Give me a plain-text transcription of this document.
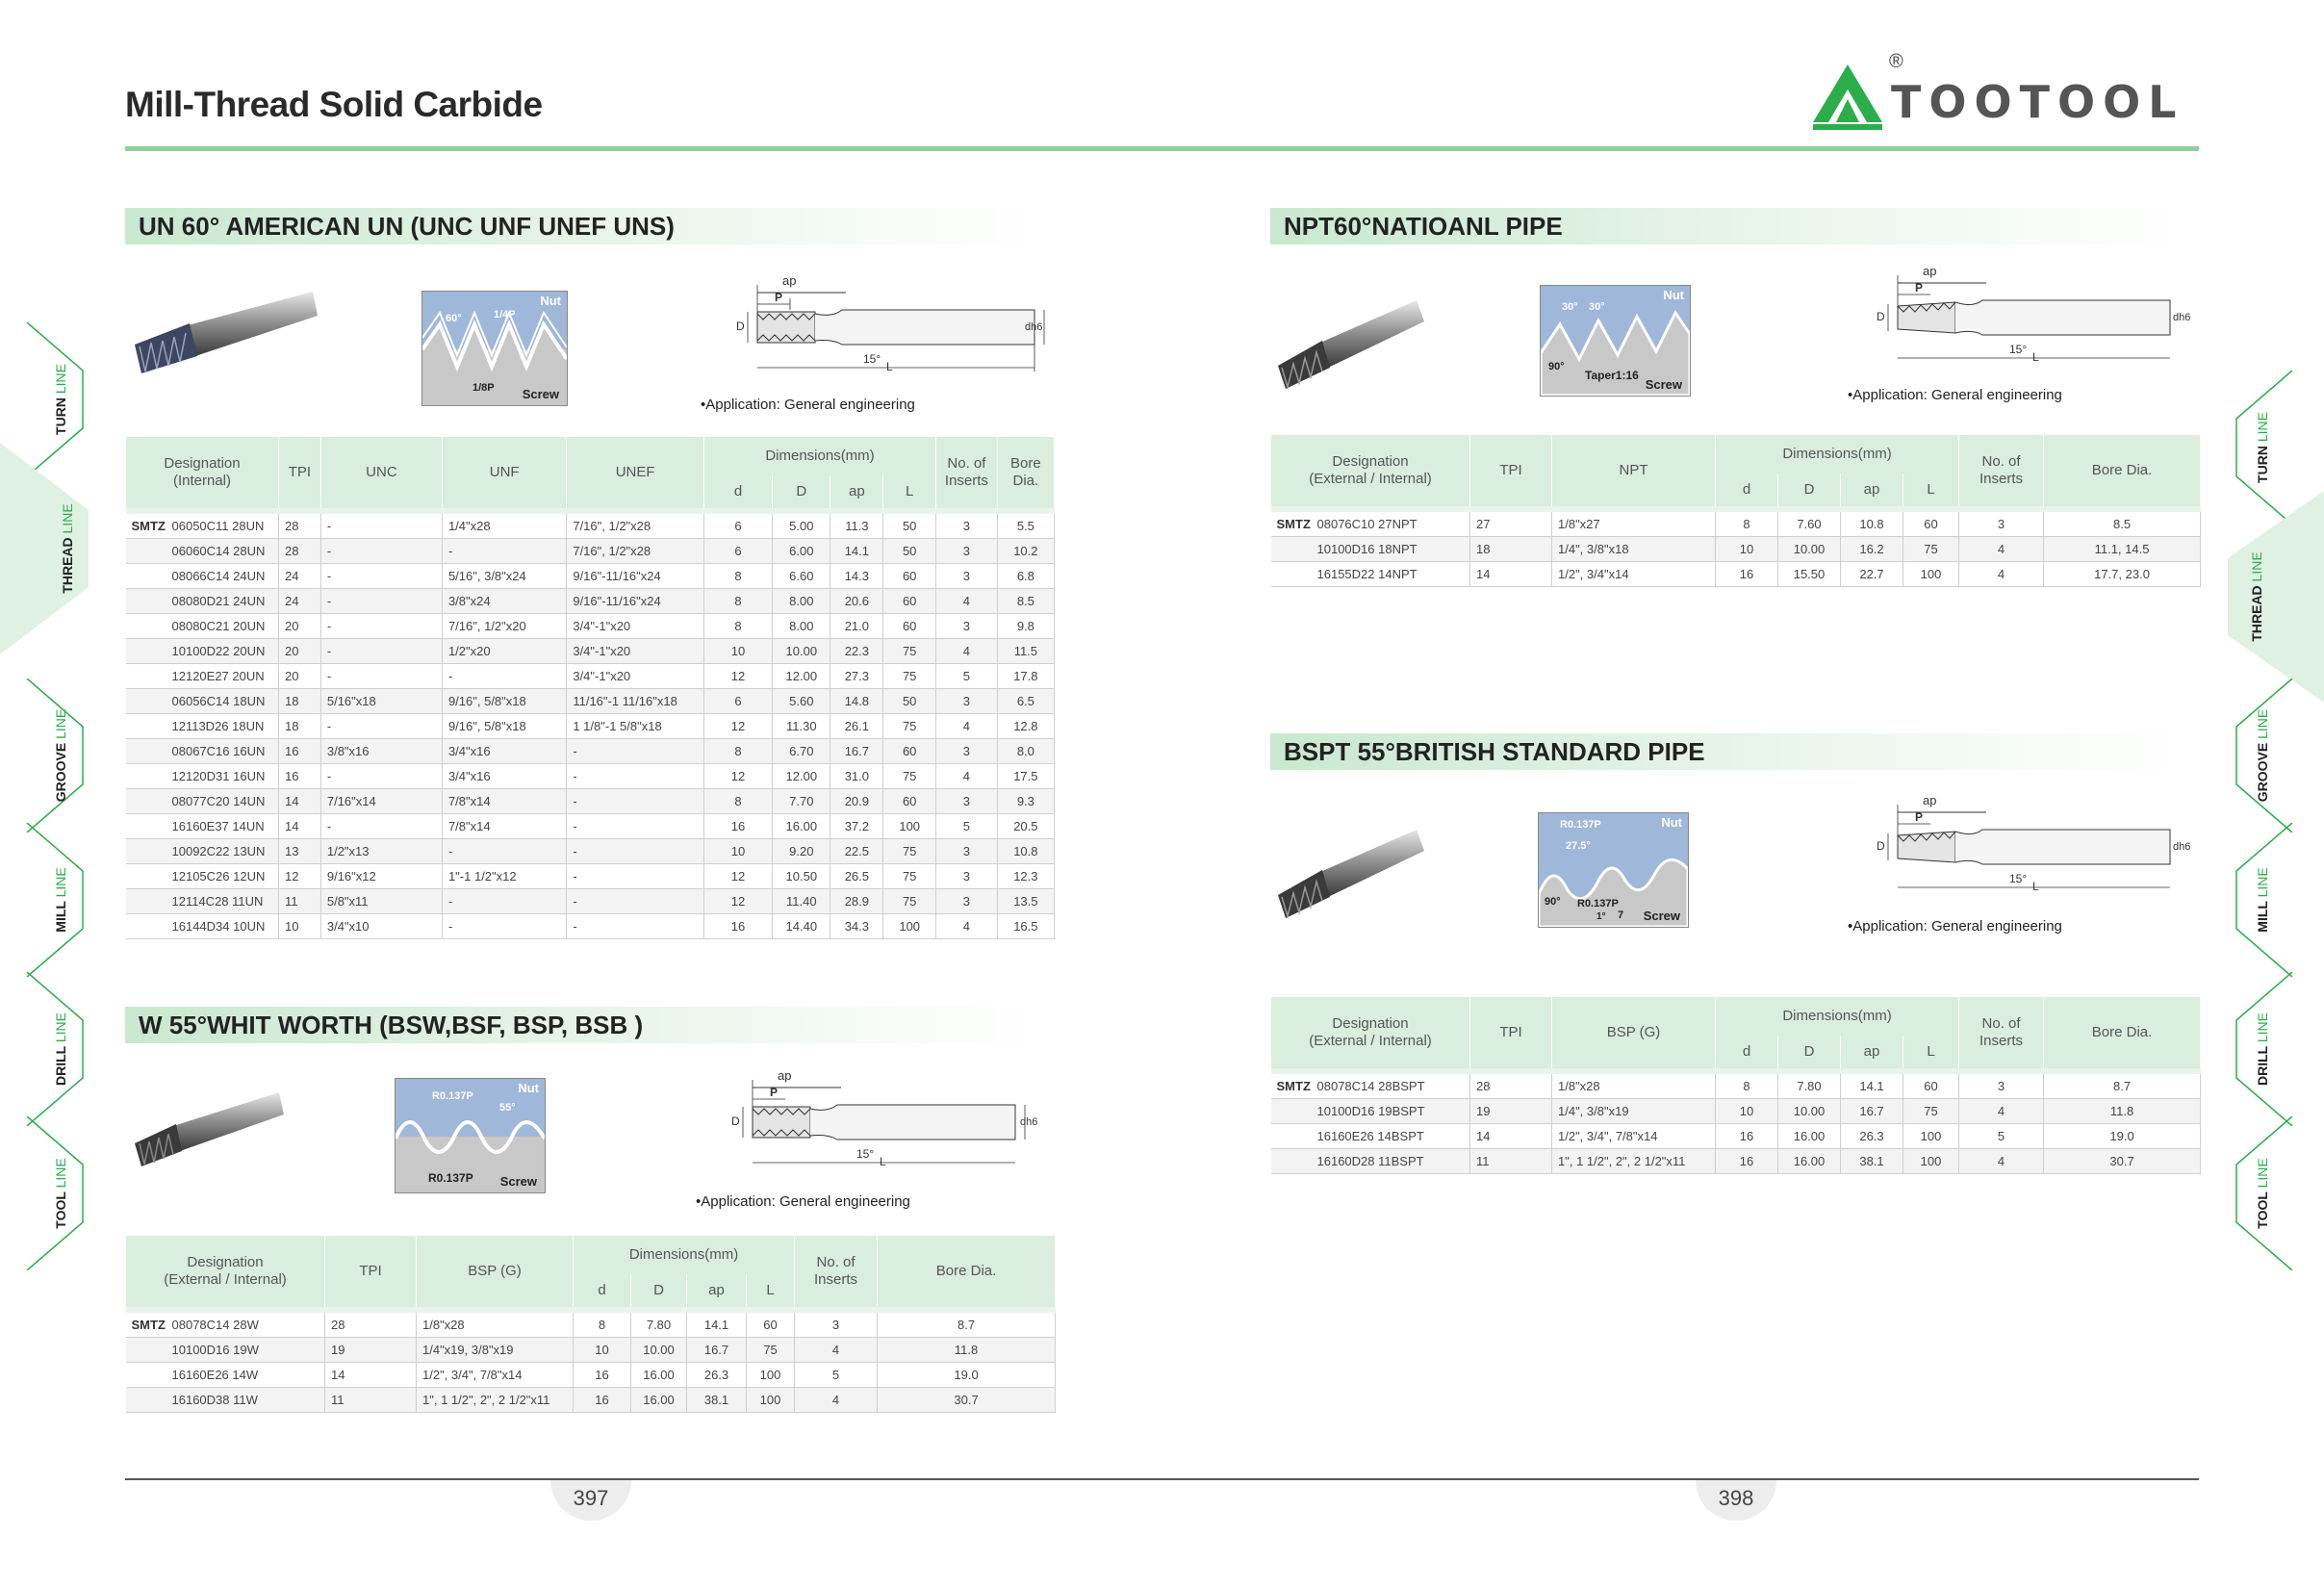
Mill-Thread Solid Carbide
®
TOOTOOL
TURN LINE
THREAD LINE
GROOVE LINE
MILL LINE
DRILL LINE
TOOL LINE
TURN LINE
THREAD LINE
GROOVE LINE
MILL LINE
DRILL LINE
TOOL LINE
UN 60° AMERICAN UN (UNC UNF UNEF UNS)
Nut
60°	1/4P
1/8P Screw
ap
P
D	dh6
15°
L
•Application: General engineering
Designation
(Internal)	TPI	UNC	UNF	UNEF	Dimensions(mm)				No. of Inserts	Bore Dia.
					d	D	ap	L		

SMTZ 06050C11 28UN	28	-	1/4"x28	7/16", 1/2"x28	6	5.00	11.3	50	3	5.5
06060C14 28UN	28	-	-	7/16", 1/2"x28	6	6.00	14.1	50	3	10.2
08066C14 24UN	24	-	5/16", 3/8"x24	9/16"-11/16"x24	8	6.60	14.3	60	3	6.8
08080D21 24UN	24	-	3/8"x24	9/16"-11/16"x24	8	8.00	20.6	60	4	8.5
08080C21 20UN	20	-	7/16", 1/2"x20	3/4"-1"x20	8	8.00	21.0	60	3	9.8
10100D22 20UN	20	-	1/2"x20	3/4"-1"x20	10	10.00	22.3	75	4	11.5
12120E27 20UN	20	-	-	3/4"-1"x20	12	12.00	27.3	75	5	17.8
06056C14 18UN	18	5/16"x18	9/16", 5/8"x18	11/16"-1 11/16"x18	6	5.60	14.8	50	3	6.5
12113D26 18UN	18	-	9/16", 5/8"x18	1 1/8"-1 5/8"x18	12	11.30	26.1	75	4	12.8
08067C16 16UN	16	3/8"x16	3/4"x16	-	8	6.70	16.7	60	3	8.0
12120D31 16UN	16	-	3/4"x16	-	12	12.00	31.0	75	4	17.5
08077C20 14UN	14	7/16"x14	7/8"x14	-	8	7.70	20.9	60	3	9.3
16160E37 14UN	14	-	7/8"x14	-	16	16.00	37.2	100	5	20.5
10092C22 13UN	13	1/2"x13	-	-	10	9.20	22.5	75	3	10.8
12105C26 12UN	12	9/16"x12	1"-1 1/2"x12	-	12	10.50	26.5	75	3	12.3
12114C28 11UN	11	5/8"x11	-	-	12	11.40	28.9	75	3	13.5
16144D34 10UN	10	3/4"x10	-	-	16	14.40	34.3	100	4	16.5
W 55°WHIT WORTH (BSW,BSF, BSP, BSB )
Nut
R0.137P
55°
R0.137P Screw
ap
P
D	dh6
15°
L
•Application: General engineering
Designation
(External / Internal)	TPI	BSP (G)	Dimensions(mm)				No. of Inserts	Bore Dia.
			d	D	ap	L		

SMTZ 08078C14 28W	28	1/8"x28	8	7.80	14.1	60	3	8.7
10100D16 19W	19	1/4"x19, 3/8"x19	10	10.00	16.7	75	4	11.8
16160E26 14W	14	1/2", 3/4", 7/8"x14	16	16.00	26.3	100	5	19.0
16160D38 11W	11	1", 1 1/2", 2", 2 1/2"x11	16	16.00	38.1	100	4	30.7
NPT60°NATIOANL PIPE
Nut
30° 30°
90°
Taper1:16
Screw
ap
P
D	dh6
15°
L
•Application: General engineering
Designation
(External / Internal)	TPI	NPT	Dimensions(mm)				No. of Inserts	Bore Dia.
			d	D	ap	L		

SMTZ 08076C10 27NPT	27	1/8"x27	8	7.60	10.8	60	3	8.5
10100D16 18NPT	18	1/4", 3/8"x18	10	10.00	16.2	75	4	11.1, 14.5
16155D22 14NPT	14	1/2", 3/4"x14	16	15.50	22.7	100	4	17.7, 23.0
BSPT 55°BRITISH STANDARD PIPE
Nut
R0.137P
27.5°
90° R0.137P
1° 7 Screw
ap
P
D	dh6
15°
L
•Application: General engineering
Designation
(External / Internal)	TPI	BSP (G)	Dimensions(mm)				No. of Inserts	Bore Dia.
			d	D	ap	L		

SMTZ 08078C14 28BSPT	28	1/8"x28	8	7.80	14.1	60	3	8.7
10100D16 19BSPT	19	1/4", 3/8"x19	10	10.00	16.7	75	4	11.8
16160E26 14BSPT	14	1/2", 3/4", 7/8"x14	16	16.00	26.3	100	5	19.0
16160D28 11BSPT	11	1", 1 1/2", 2", 2 1/2"x11	16	16.00	38.1	100	4	30.7
397	398
